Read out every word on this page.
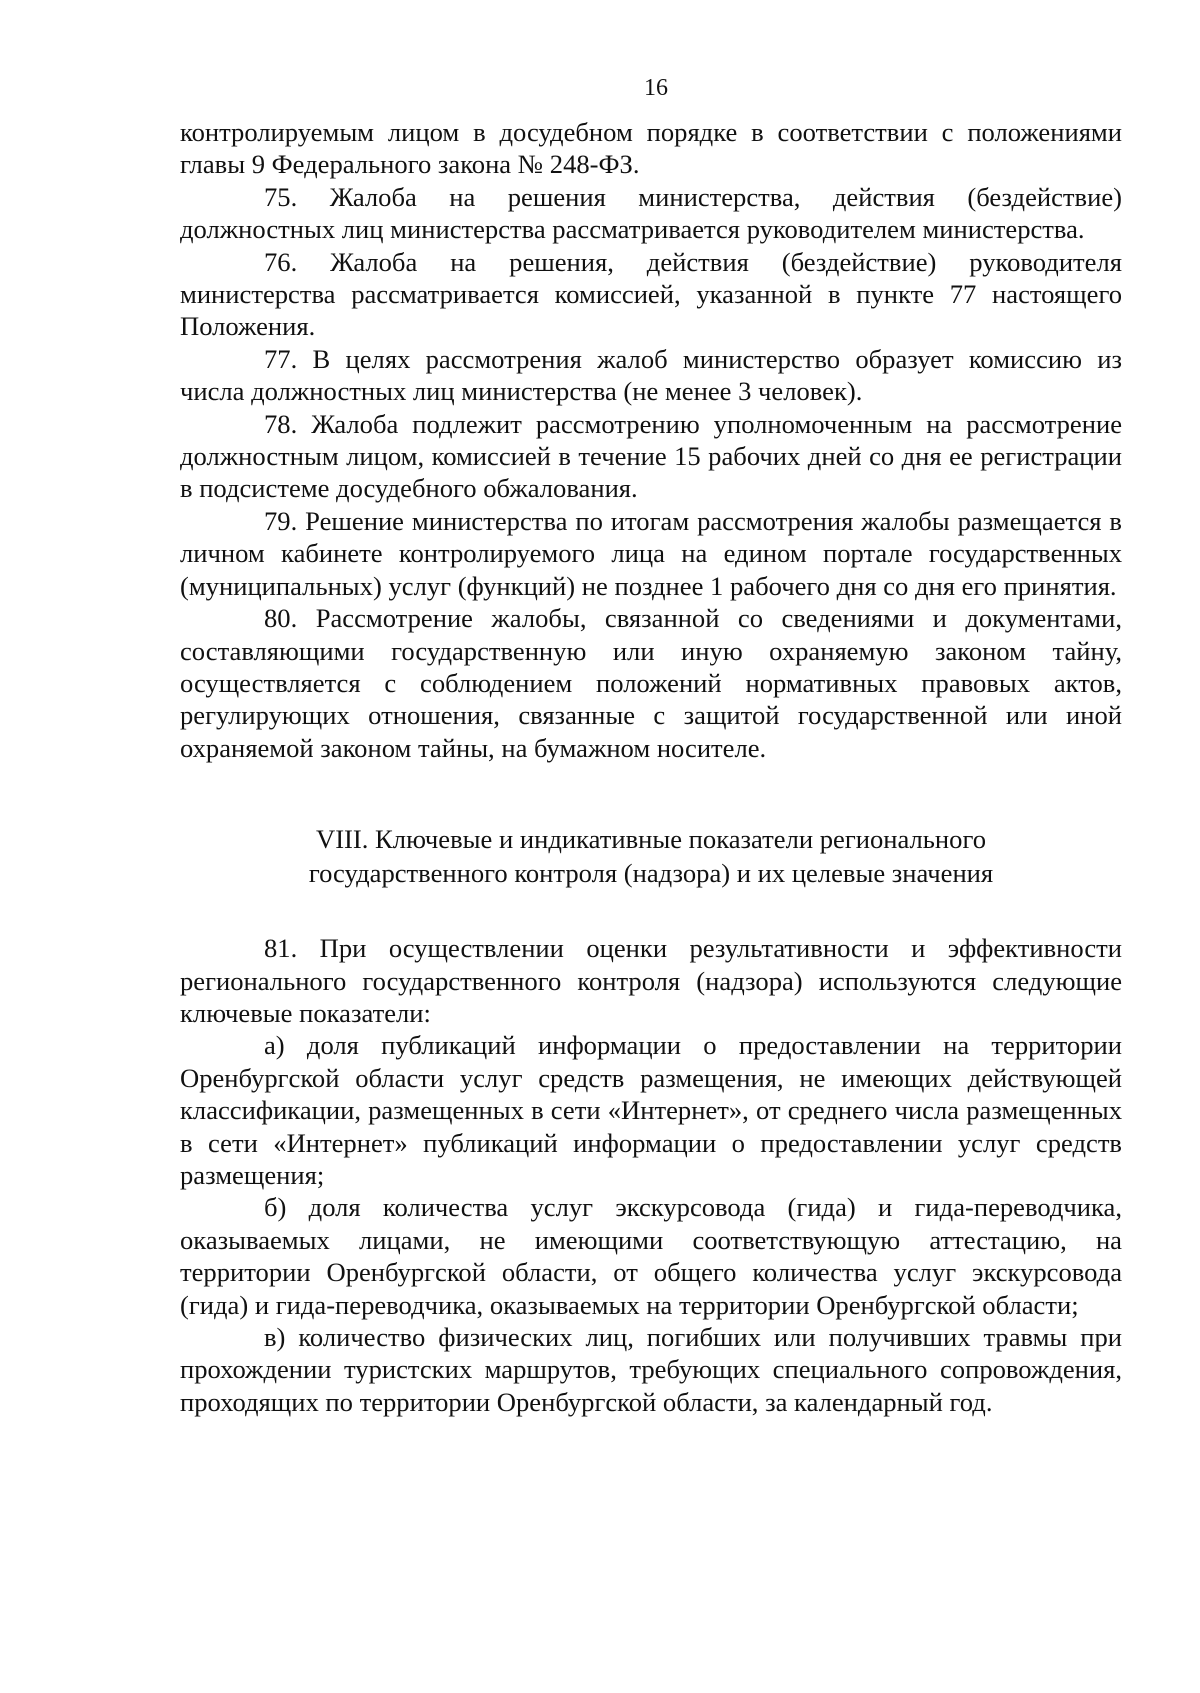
16

контролируемым лицом в досудебном порядке в соответствии с положениями главы 9 Федерального закона № 248-ФЗ.

75. Жалоба на решения министерства, действия (бездействие) должностных лиц министерства рассматривается руководителем министерства.

76. Жалоба на решения, действия (бездействие) руководителя министерства рассматривается комиссией, указанной в пункте 77 настоящего Положения.

77. В целях рассмотрения жалоб министерство образует комиссию из числа должностных лиц министерства (не менее 3 человек).

78. Жалоба подлежит рассмотрению уполномоченным на рассмотрение должностным лицом, комиссией в течение 15 рабочих дней со дня ее регистрации в подсистеме досудебного обжалования.

79. Решение министерства по итогам рассмотрения жалобы размещается в личном кабинете контролируемого лица на едином портале государственных (муниципальных) услуг (функций) не позднее 1 рабочего дня со дня его принятия.

80. Рассмотрение жалобы, связанной со сведениями и документами, составляющими государственную или иную охраняемую законом тайну, осуществляется с соблюдением положений нормативных правовых актов, регулирующих отношения, связанные с защитой государственной или иной охраняемой законом тайны, на бумажном носителе.

VIII. Ключевые и индикативные показатели регионального
государственного контроля (надзора) и их целевые значения

81. При осуществлении оценки результативности и эффективности регионального государственного контроля (надзора) используются следующие ключевые показатели:

а) доля публикаций информации о предоставлении на территории Оренбургской области услуг средств размещения, не имеющих действующей классификации, размещенных в сети «Интернет», от среднего числа размещенных в сети «Интернет» публикаций информации о предоставлении услуг средств размещения;

б) доля количества услуг экскурсовода (гида) и гида-переводчика, оказываемых лицами, не имеющими соответствующую аттестацию, на территории Оренбургской области, от общего количества услуг экскурсовода (гида) и гида-переводчика, оказываемых на территории Оренбургской области;

в) количество физических лиц, погибших или получивших травмы при прохождении туристских маршрутов, требующих специального сопровождения, проходящих по территории Оренбургской области, за календарный год.
